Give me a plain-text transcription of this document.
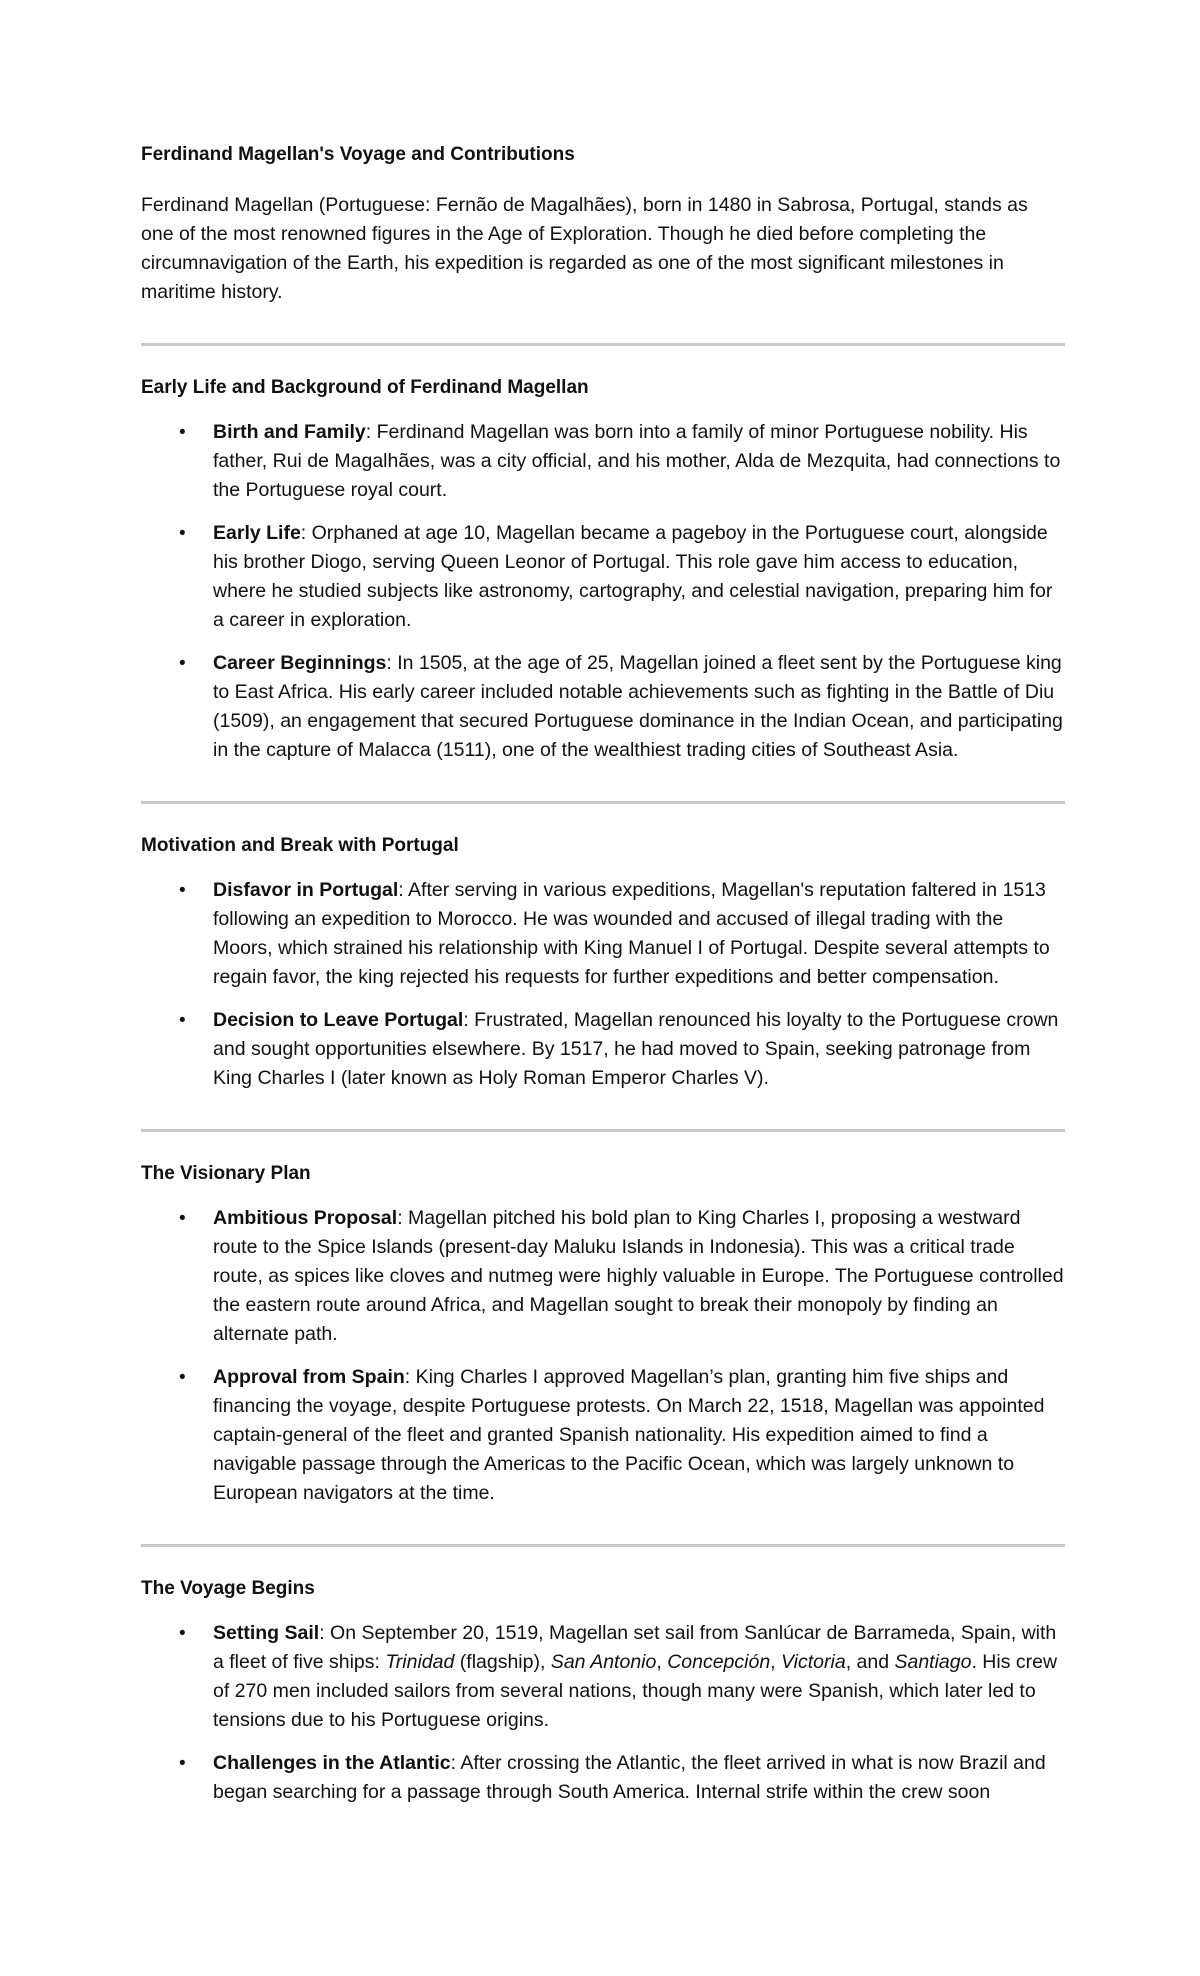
Ferdinand Magellan's Voyage and Contributions

Ferdinand Magellan (Portuguese: Fernão de Magalhães), born in 1480 in Sabrosa, Portugal, stands as one of the most renowned figures in the Age of Exploration. Though he died before completing the circumnavigation of the Earth, his expedition is regarded as one of the most significant milestones in maritime history.

Early Life and Background of Ferdinand Magellan
• Birth and Family: Ferdinand Magellan was born into a family of minor Portuguese nobility. His father, Rui de Magalhães, was a city official, and his mother, Alda de Mezquita, had connections to the Portuguese royal court.
• Early Life: Orphaned at age 10, Magellan became a pageboy in the Portuguese court, alongside his brother Diogo, serving Queen Leonor of Portugal. This role gave him access to education, where he studied subjects like astronomy, cartography, and celestial navigation, preparing him for a career in exploration.
• Career Beginnings: In 1505, at the age of 25, Magellan joined a fleet sent by the Portuguese king to East Africa. His early career included notable achievements such as fighting in the Battle of Diu (1509), an engagement that secured Portuguese dominance in the Indian Ocean, and participating in the capture of Malacca (1511), one of the wealthiest trading cities of Southeast Asia.
Motivation and Break with Portugal
• Disfavor in Portugal: After serving in various expeditions, Magellan's reputation faltered in 1513 following an expedition to Morocco. He was wounded and accused of illegal trading with the Moors, which strained his relationship with King Manuel I of Portugal. Despite several attempts to regain favor, the king rejected his requests for further expeditions and better compensation.
• Decision to Leave Portugal: Frustrated, Magellan renounced his loyalty to the Portuguese crown and sought opportunities elsewhere. By 1517, he had moved to Spain, seeking patronage from King Charles I (later known as Holy Roman Emperor Charles V).
The Visionary Plan
• Ambitious Proposal: Magellan pitched his bold plan to King Charles I, proposing a westward route to the Spice Islands (present-day Maluku Islands in Indonesia). This was a critical trade route, as spices like cloves and nutmeg were highly valuable in Europe. The Portuguese controlled the eastern route around Africa, and Magellan sought to break their monopoly by finding an alternate path.
• Approval from Spain: King Charles I approved Magellan’s plan, granting him five ships and financing the voyage, despite Portuguese protests. On March 22, 1518, Magellan was appointed captain-general of the fleet and granted Spanish nationality. His expedition aimed to find a navigable passage through the Americas to the Pacific Ocean, which was largely unknown to European navigators at the time.
The Voyage Begins
• Setting Sail: On September 20, 1519, Magellan set sail from Sanlúcar de Barrameda, Spain, with a fleet of five ships: Trinidad (flagship), San Antonio, Concepción, Victoria, and Santiago. His crew of 270 men included sailors from several nations, though many were Spanish, which later led to tensions due to his Portuguese origins.
• Challenges in the Atlantic: After crossing the Atlantic, the fleet arrived in what is now Brazil and began searching for a passage through South America. Internal strife within the crew soon
